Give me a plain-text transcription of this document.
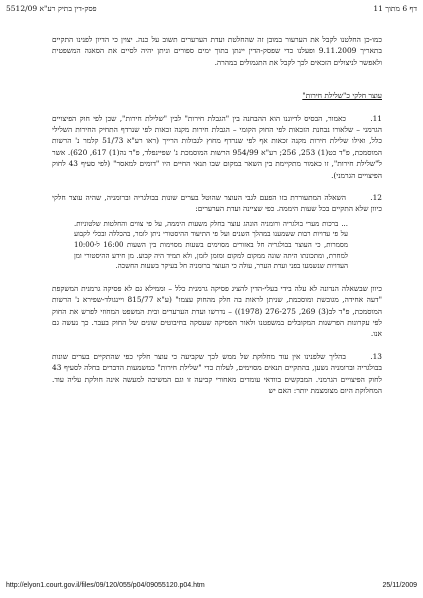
דף 6 מתוך 11
פסק-דין בתיק רע"א 5512/09

כמו-כן החלטנו לקבל את הערעור במובן זה שהחלטת ועדת הערערים תשוב על כנה. יצוין כי הדיון לפנינו התקיים בתאריך 9.11.2009 ופעלנו כדי שפסק-הדין יינתן בתוך ימים ספורים וניתן יהיה לסיים את הסאגה המשפטית ולאפשר לניצולים הזכאים לכך לקבל את התגמולים במהרה.

עוצר חלקי כ"שלילת חירות"

11.כאמור, הבסיס לדיוננו הוא ההבחנה בין "הגבלת חירות" לבין "שלילת חירות", שכן לפי חוק הפיצויים הגרמני – שלאורו נבחנת הזכאות לפי החוק הקומי – הגבלת חירות מקנה זכאות לפי שנרדף התחיק החירות השלילי כלל, ואילו שלילת חירות מקנה זכאות אף לפי שנרדף מחוץ לגבולות הרייך (ראו רע"א 51/73 קלמר נ' הרשות המוסמכת, פ"ד כט(1) 253, 256; רע"א 954/99 הרשות המוסמכת נ' שפיינפלד, פ"ד נה(1) 617, 620). אשר ל"שלילת חירות", זו כאמור מתקיימת בין השאר במקום שבו תנאי החיים היו "דומים למאסר" (לפי סעיף 43 לחוק הפיצויים הגרמני).

12.השאלה המתעוררת בזו הפעם לגבי העוצר שהוטל בערים שונות בבולגריה וברומניה, שהיה עוצר חלקי כיוון שלא התקיים בכל שעות היממה. כפי שציינה ועדת הערערים:

... ברכות מערי בולגריה ורומניה הונהג עוצר בחלק משעות היממה, על פי צווים והחלטות שלטוניות. על פי עדויות רבות ששמענו במהלך השנים ועל פי התיעוד ההיסטורי ניתן לומר, בהכללה ובכלי לקבוע מסמרות, כי העוצר בבולגריה חל באזורים מסוימים בשעות מסוימות בין השעות 16:00 ל-10:00 למחרת, ומתכונתו היתה שונה ממקום למקום ומזמן לזמן, ולא תמיד היה קבוע. מן חידע ההיסטורי ומן העדויות שנשמעו בפני ועדת הערר, עולה כי העוצר ברומניה חל בעיקר בשעות החשכה.

כיוון שבשאלה הנדונה לא עלה בידי בעלי-הדין להציג פסיקה גרמנית כלל – וממילא גם לא פסיקה גרמנית המשקפת "דעה אחידה, מגובשת ומוסכמת, שניתן לראות בה חלק מהחוק עצמו" (ע"א 815/77 ויינגולד-שפירא נ' הרשות המוסמכת, פ"ד לב(3) 269, 276-275 (1978)) – נדרשו ועדת הערערים ובית המשפט המחוזי לפרש את החוק לפי עקרונות הפרשנות המקובלים במשפטנו ולאור הפסיקה שעסקה בחיבוטים שונים של החוק בעבר. כך נעשה גם אנו.

13.בהליך שלפנינו אין עוד מחלוקת של ממש לכך שקביעה כי עוצר חלקי כפי שהתקיים בערים שונות בבולגריה וברומניה נשען, בהתקיים תנאים מסוימים, לעלות כדי "שלילת חירות" כמשמעות הדברים בחלה לסעיף 43 לחוק הפיצויים הגרמני. המבקשים בוודאי עומדים מאחורי קביעה זו וגם המשיבה למעשה אינה חולקת עליה עוד. המחלוקת היום מצומצמת יותר: האם יש

http://elyon1.court.gov.il/files/09/120/055/p04/09055120.p04.htm	25/11/2009
